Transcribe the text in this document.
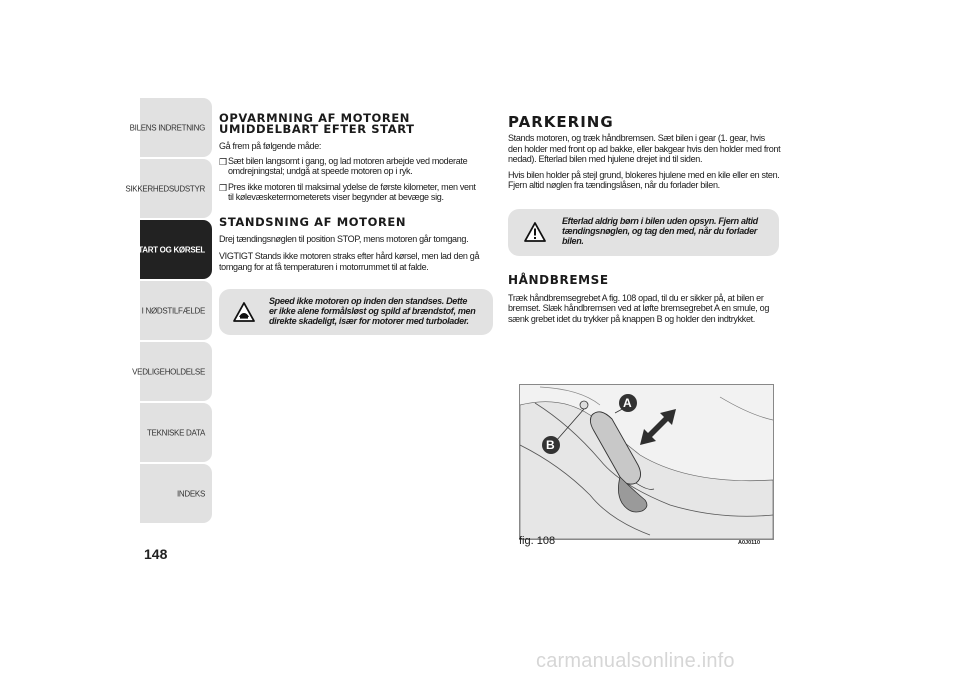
BILENS INDRETNING
SIKKERHEDSUDSTYR
START OG KØRSEL
I NØDSTILFÆLDE
VEDLIGEHOLDELSE
TEKNISKE DATA
INDEKS
148
OPVARMNING AF MOTOREN UMIDDELBART EFTER START

Gå frem på følgende måde:

❒ Sæt bilen langsomt i gang, og lad motoren arbejde ved moderate omdrejningstal; undgå at speede motoren op i ryk.

❒ Pres ikke motoren til maksimal ydelse de første kilometer, men vent til kølevæsketermometerets viser begynder at bevæge sig.

STANDSNING AF MOTOREN

Drej tændingsnøglen til position STOP, mens motoren går tomgang.

VIGTIGT Stands ikke motoren straks efter hård kørsel, men lad den gå tomgang for at få temperaturen i motorrummet til at falde.

Speed ikke motoren op inden den standses. Dette er ikke alene formålsløst og spild af brændstof, men direkte skadeligt, især for motorer med turbolader.

PARKERING

Stands motoren, og træk håndbremsen. Sæt bilen i gear (1. gear, hvis den holder med front op ad bakke, eller bakgear hvis den holder med front nedad). Efterlad bilen med hjulene drejet ind til siden.

Hvis bilen holder på stejl grund, blokeres hjulene med en kile eller en sten. Fjern altid nøglen fra tændingslåsen, når du forlader bilen.

Efterlad aldrig børn i bilen uden opsyn. Fjern altid tændingsnøglen, og tag den med, når du forlader bilen.

HÅNDBREMSE

Træk håndbremsegrebet A fig. 108 opad, til du er sikker på, at bilen er bremset. Slæk håndbremsen ved at løfte bremsegrebet A en smule, og sænk grebet idet du trykker på knappen B og holder den indtrykket.

A
B
fig. 108	A0J0110
carmanualsonline.info
